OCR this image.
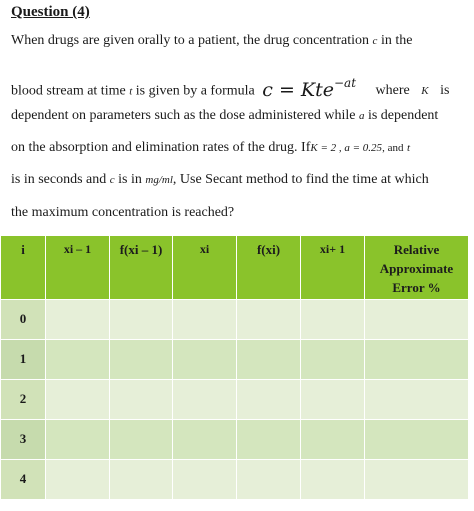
Question (4)
When drugs are given orally to a patient, the drug concentration c in the
blood stream at time t is given by a formula c = Kte$^{-at}$ where K is
dependent on parameters such as the dose administered while a is dependent
on the absorption and elimination rates of the drug. IfK = 2 , a = 0.25, and t
is in seconds and c is in mg/ml, Use Secant method to find the time at which
the maximum concentration is reached?
i	xi – 1	f(xi – 1)	xi	f(xi)	xi+ 1	Relative
Approximate
Error %

0						
1						
2						
3						
4						
